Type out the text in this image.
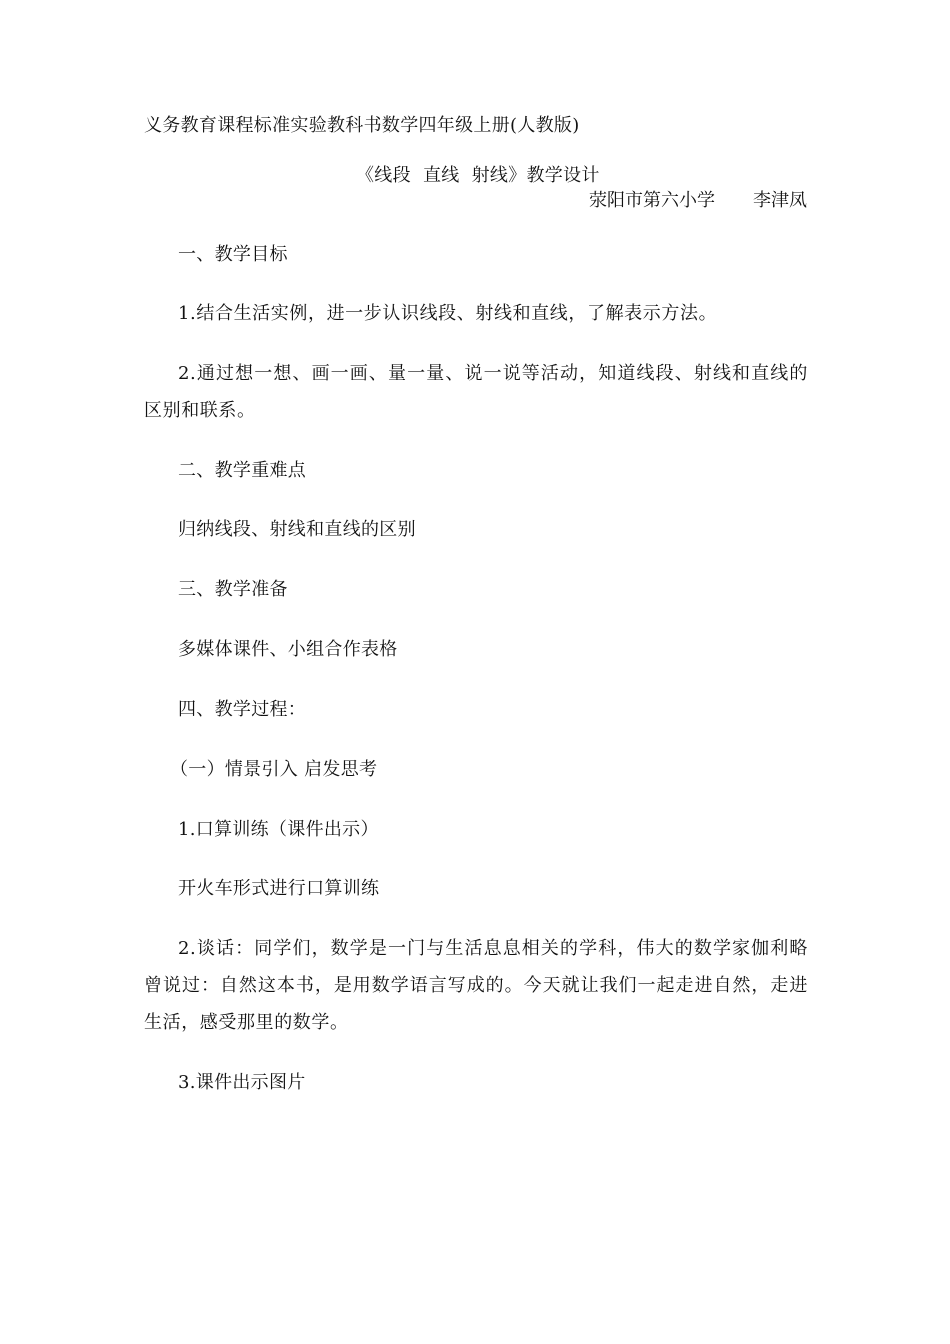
义务教育课程标准实验教科书数学四年级上册(人教版)
《线段  直线  射线》教学设计
荥阳市第六小学 李津凤
一、教学目标

1.结合生活实例，进一步认识线段、射线和直线，了解表示方法。

2.通过想一想、画一画、量一量、说一说等活动，知道线段、射线和直线的区别和联系。

二、教学重难点
归纳线段、射线和直线的区别
三、教学准备
多媒体课件、小组合作表格
四、教学过程：
（一）情景引入 启发思考
1.口算训练（课件出示）
开火车形式进行口算训练

2.谈话：同学们，数学是一门与生活息息相关的学科，伟大的数学家伽利略曾说过：自然这本书，是用数学语言写成的。今天就让我们一起走进自然，走进生活，感受那里的数学。

3.课件出示图片
